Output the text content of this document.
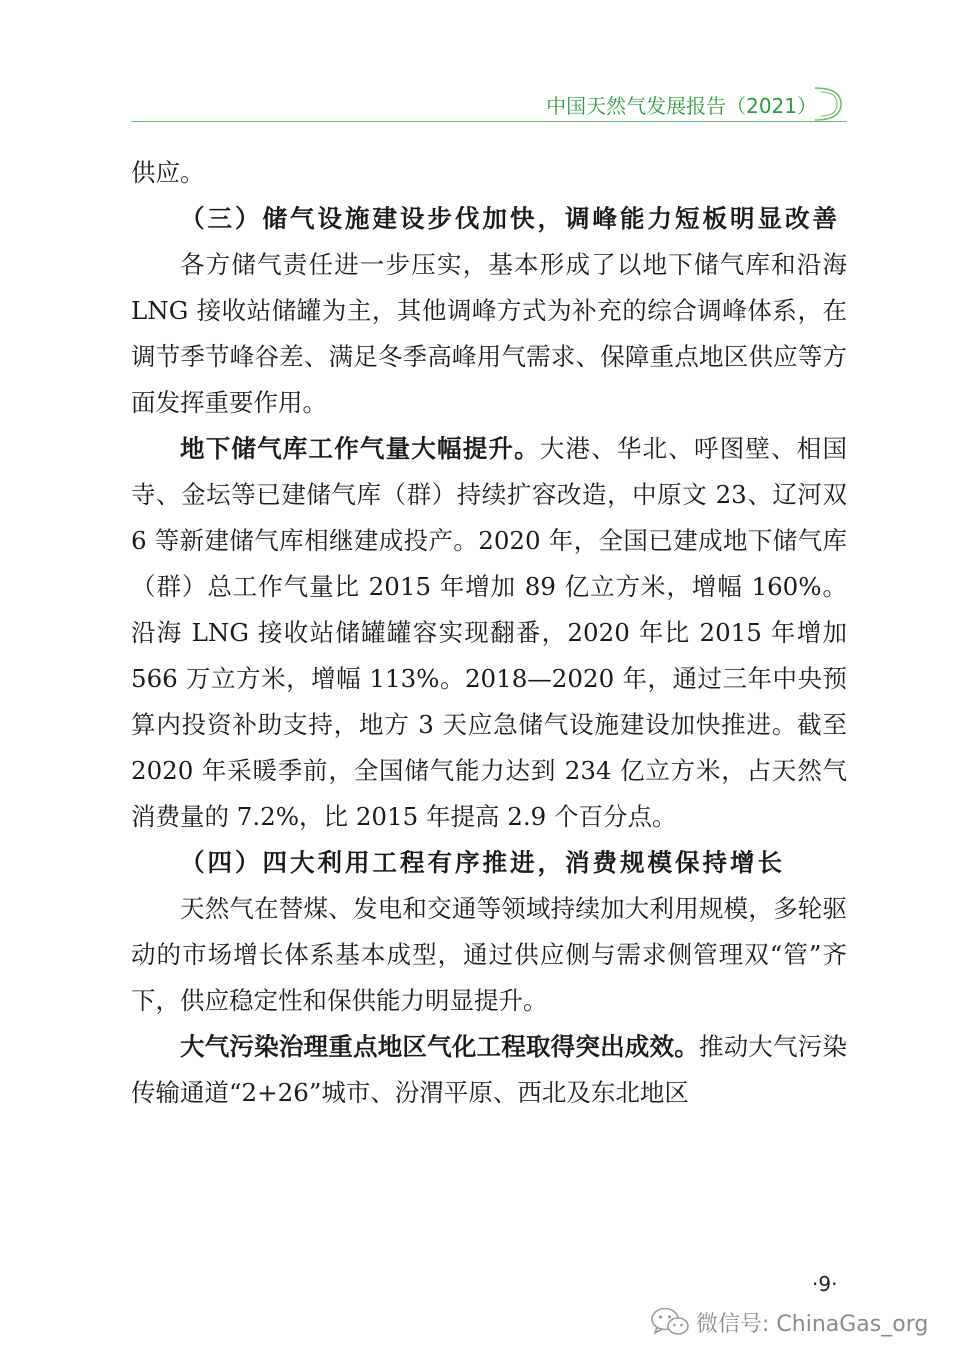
中国天然气发展报告（2021）

供应。

（三）储气设施建设步伐加快，调峰能力短板明显改善

各方储气责任进一步压实，基本形成了以地下储气库和沿海 LNG 接收站储罐为主，其他调峰方式为补充的综合调峰体系，在调节季节峰谷差、满足冬季高峰用气需求、保障重点地区供应等方面发挥重要作用。

地下储气库工作气量大幅提升。大港、华北、呼图壁、相国寺、金坛等已建储气库（群）持续扩容改造，中原文 23、辽河双 6 等新建储气库相继建成投产。2020 年，全国已建成地下储气库（群）总工作气量比 2015 年增加 89 亿立方米，增幅 160%。沿海 LNG 接收站储罐罐容实现翻番，2020 年比 2015 年增加 566 万立方米，增幅 113%。2018—2020 年，通过三年中央预算内投资补助支持，地方 3 天应急储气设施建设加快推进。截至 2020 年采暖季前，全国储气能力达到 234 亿立方米，占天然气消费量的 7.2%，比 2015 年提高 2.9 个百分点。

（四）四大利用工程有序推进，消费规模保持增长

天然气在替煤、发电和交通等领域持续加大利用规模，多轮驱动的市场增长体系基本成型，通过供应侧与需求侧管理双“管”齐下，供应稳定性和保供能力明显提升。

大气污染治理重点地区气化工程取得突出成效。推动大气污染传输通道“2+26”城市、汾渭平原、西北及东北地区

·9·
微信号: ChinaGas_org
